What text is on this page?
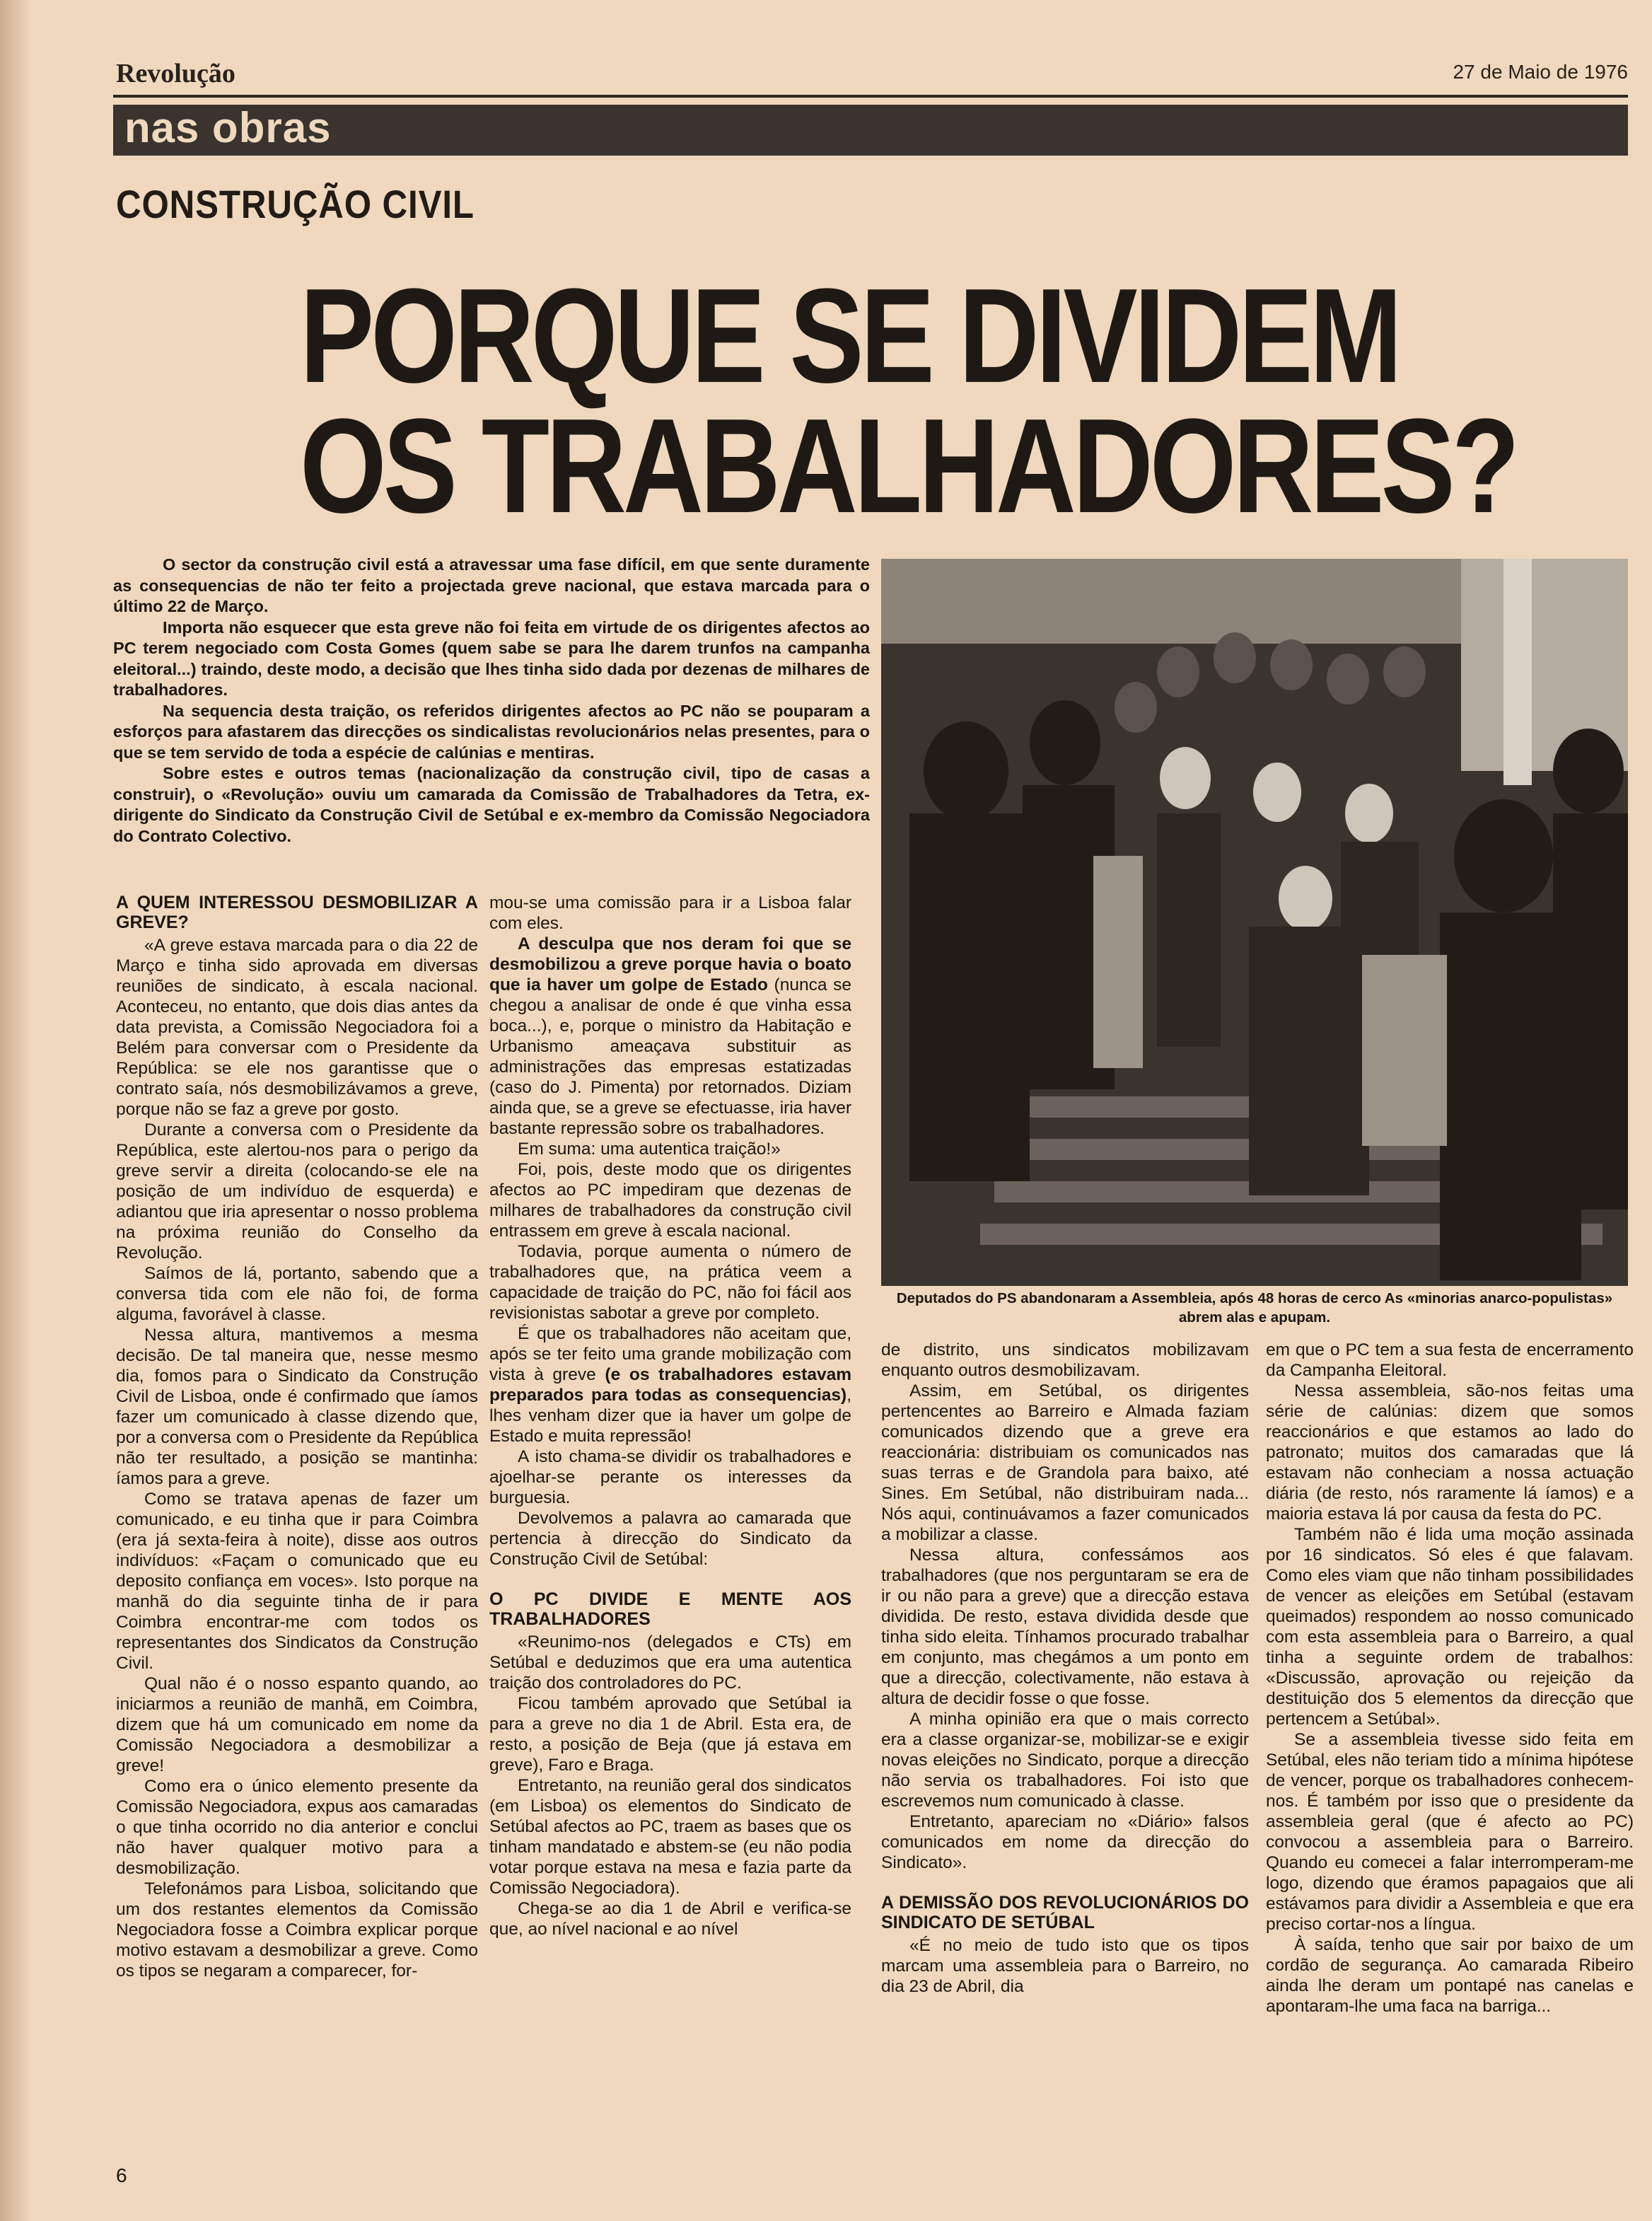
Revolução	27 de Maio de 1976
nas obras
CONSTRUÇÃO CIVIL
PORQUE SE DIVIDEM
OS TRABALHADORES?

O sector da construção civil está a atravessar uma fase difícil, em que sente duramente as consequencias de não ter feito a projectada greve nacional, que estava marcada para o último 22 de Março.

Importa não esquecer que esta greve não foi feita em virtude de os dirigentes afectos ao PC terem negociado com Costa Gomes (quem sabe se para lhe darem trunfos na campanha eleitoral...) traindo, deste modo, a decisão que lhes tinha sido dada por dezenas de milhares de trabalhadores.

Na sequencia desta traição, os referidos dirigentes afectos ao PC não se pouparam a esforços para afastarem das direcções os sindicalistas revolucionários nelas presentes, para o que se tem servido de toda a espécie de calúnias e mentiras.

Sobre estes e outros temas (nacionalização da construção civil, tipo de casas a construir), o «Revolução» ouviu um camarada da Comissão de Trabalhadores da Tetra, ex-dirigente do Sindicato da Construção Civil de Setúbal e ex-membro da Comissão Negociadora do Contrato Colectivo.

Deputados do PS abandonaram a Assembleia, após 48 horas de cerco As «minorias anarco-populistas» abrem alas e apupam.
A QUEM INTERESSOU DESMOBILIZAR A GREVE?

«A greve estava marcada para o dia 22 de Março e tinha sido aprovada em diversas reuniões de sindicato, à escala nacional. Aconteceu, no entanto, que dois dias antes da data prevista, a Comissão Negociadora foi a Belém para conversar com o Presidente da República: se ele nos garantisse que o contrato saía, nós desmobilizávamos a greve, porque não se faz a greve por gosto.

Durante a conversa com o Presidente da República, este alertou-nos para o perigo da greve servir a direita (colocando-se ele na posição de um indivíduo de esquerda) e adiantou que iria apresentar o nosso problema na próxima reunião do Conselho da Revolução.

Saímos de lá, portanto, sabendo que a conversa tida com ele não foi, de forma alguma, favorável à classe.

Nessa altura, mantivemos a mesma decisão. De tal maneira que, nesse mesmo dia, fomos para o Sindicato da Construção Civil de Lisboa, onde é confirmado que íamos fazer um comunicado à classe dizendo que, por a conversa com o Presidente da República não ter resultado, a posição se mantinha: íamos para a greve.

Como se tratava apenas de fazer um comunicado, e eu tinha que ir para Coimbra (era já sexta-feira à noite), disse aos outros indivíduos: «Façam o comunicado que eu deposito confiança em voces». Isto porque na manhã do dia seguinte tinha de ir para Coimbra encontrar-me com todos os representantes dos Sindicatos da Construção Civil.

Qual não é o nosso espanto quando, ao iniciarmos a reunião de manhã, em Coimbra, dizem que há um comunicado em nome da Comissão Negociadora a desmobilizar a greve!

Como era o único elemento presente da Comissão Negociadora, expus aos camaradas o que tinha ocorrido no dia anterior e conclui não haver qualquer motivo para a desmobilização.

Telefonámos para Lisboa, solicitando que um dos restantes elementos da Comissão Negociadora fosse a Coimbra explicar porque motivo estavam a desmobilizar a greve. Como os tipos se negaram a comparecer, for-

mou-se uma comissão para ir a Lisboa falar com eles.

A desculpa que nos deram foi que se desmobilizou a greve porque havia o boato que ia haver um golpe de Estado (nunca se chegou a analisar de onde é que vinha essa boca...), e, porque o ministro da Habitação e Urbanismo ameaçava substituir as administrações das empresas estatizadas (caso do J. Pimenta) por retornados. Diziam ainda que, se a greve se efectuasse, iria haver bastante repressão sobre os trabalhadores.

Em suma: uma autentica traição!»

Foi, pois, deste modo que os dirigentes afectos ao PC impediram que dezenas de milhares de trabalhadores da construção civil entrassem em greve à escala nacional.

Todavia, porque aumenta o número de trabalhadores que, na prática veem a capacidade de traição do PC, não foi fácil aos revisionistas sabotar a greve por completo.

É que os trabalhadores não aceitam que, após se ter feito uma grande mobilização com vista à greve (e os trabalhadores estavam preparados para todas as consequencias), lhes venham dizer que ia haver um golpe de Estado e muita repressão!

A isto chama-se dividir os trabalhadores e ajoelhar-se perante os interesses da burguesia.

Devolvemos a palavra ao camarada que pertencia à direcção do Sindicato da Construção Civil de Setúbal:

O PC DIVIDE E MENTE AOS TRABALHADORES

«Reunimo-nos (delegados e CTs) em Setúbal e deduzimos que era uma autentica traição dos controladores do PC.

Ficou também aprovado que Setúbal ia para a greve no dia 1 de Abril. Esta era, de resto, a posição de Beja (que já estava em greve), Faro e Braga.

Entretanto, na reunião geral dos sindicatos (em Lisboa) os elementos do Sindicato de Setúbal afectos ao PC, traem as bases que os tinham mandatado e abstem-se (eu não podia votar porque estava na mesa e fazia parte da Comissão Negociadora).

Chega-se ao dia 1 de Abril e verifica-se que, ao nível nacional e ao nível

de distrito, uns sindicatos mobilizavam enquanto outros desmobilizavam.

Assim, em Setúbal, os dirigentes pertencentes ao Barreiro e Almada faziam comunicados dizendo que a greve era reaccionária: distribuiam os comunicados nas suas terras e de Grandola para baixo, até Sines. Em Setúbal, não distribuiram nada... Nós aqui, continuávamos a fazer comunicados a mobilizar a classe.

Nessa altura, confessámos aos trabalhadores (que nos perguntaram se era de ir ou não para a greve) que a direcção estava dividida. De resto, estava dividida desde que tinha sido eleita. Tínhamos procurado trabalhar em conjunto, mas chegámos a um ponto em que a direcção, colectivamente, não estava à altura de decidir fosse o que fosse.

A minha opinião era que o mais correcto era a classe organizar-se, mobilizar-se e exigir novas eleições no Sindicato, porque a direcção não servia os trabalhadores. Foi isto que escrevemos num comunicado à classe.

Entretanto, apareciam no «Diário» falsos comunicados em nome da direcção do Sindicato».

A DEMISSÃO DOS REVOLUCIONÁRIOS DO SINDICATO DE SETÚBAL

«É no meio de tudo isto que os tipos marcam uma assembleia para o Barreiro, no dia 23 de Abril, dia

em que o PC tem a sua festa de encerramento da Campanha Eleitoral.

Nessa assembleia, são-nos feitas uma série de calúnias: dizem que somos reaccionários e que estamos ao lado do patronato; muitos dos camaradas que lá estavam não conheciam a nossa actuação diária (de resto, nós raramente lá íamos) e a maioria estava lá por causa da festa do PC.

Também não é lida uma moção assinada por 16 sindicatos. Só eles é que falavam. Como eles viam que não tinham possibilidades de vencer as eleições em Setúbal (estavam queimados) respondem ao nosso comunicado com esta assembleia para o Barreiro, a qual tinha a seguinte ordem de trabalhos: «Discussão, aprovação ou rejeição da destituição dos 5 elementos da direcção que pertencem a Setúbal».

Se a assembleia tivesse sido feita em Setúbal, eles não teriam tido a mínima hipótese de vencer, porque os trabalhadores conhecem-nos. É também por isso que o presidente da assembleia geral (que é afecto ao PC) convocou a assembleia para o Barreiro. Quando eu comecei a falar interromperam-me logo, dizendo que éramos papagaios que ali estávamos para dividir a Assembleia e que era preciso cortar-nos a língua.

À saída, tenho que sair por baixo de um cordão de segurança. Ao camarada Ribeiro ainda lhe deram um pontapé nas canelas e apontaram-lhe uma faca na barriga...

6
